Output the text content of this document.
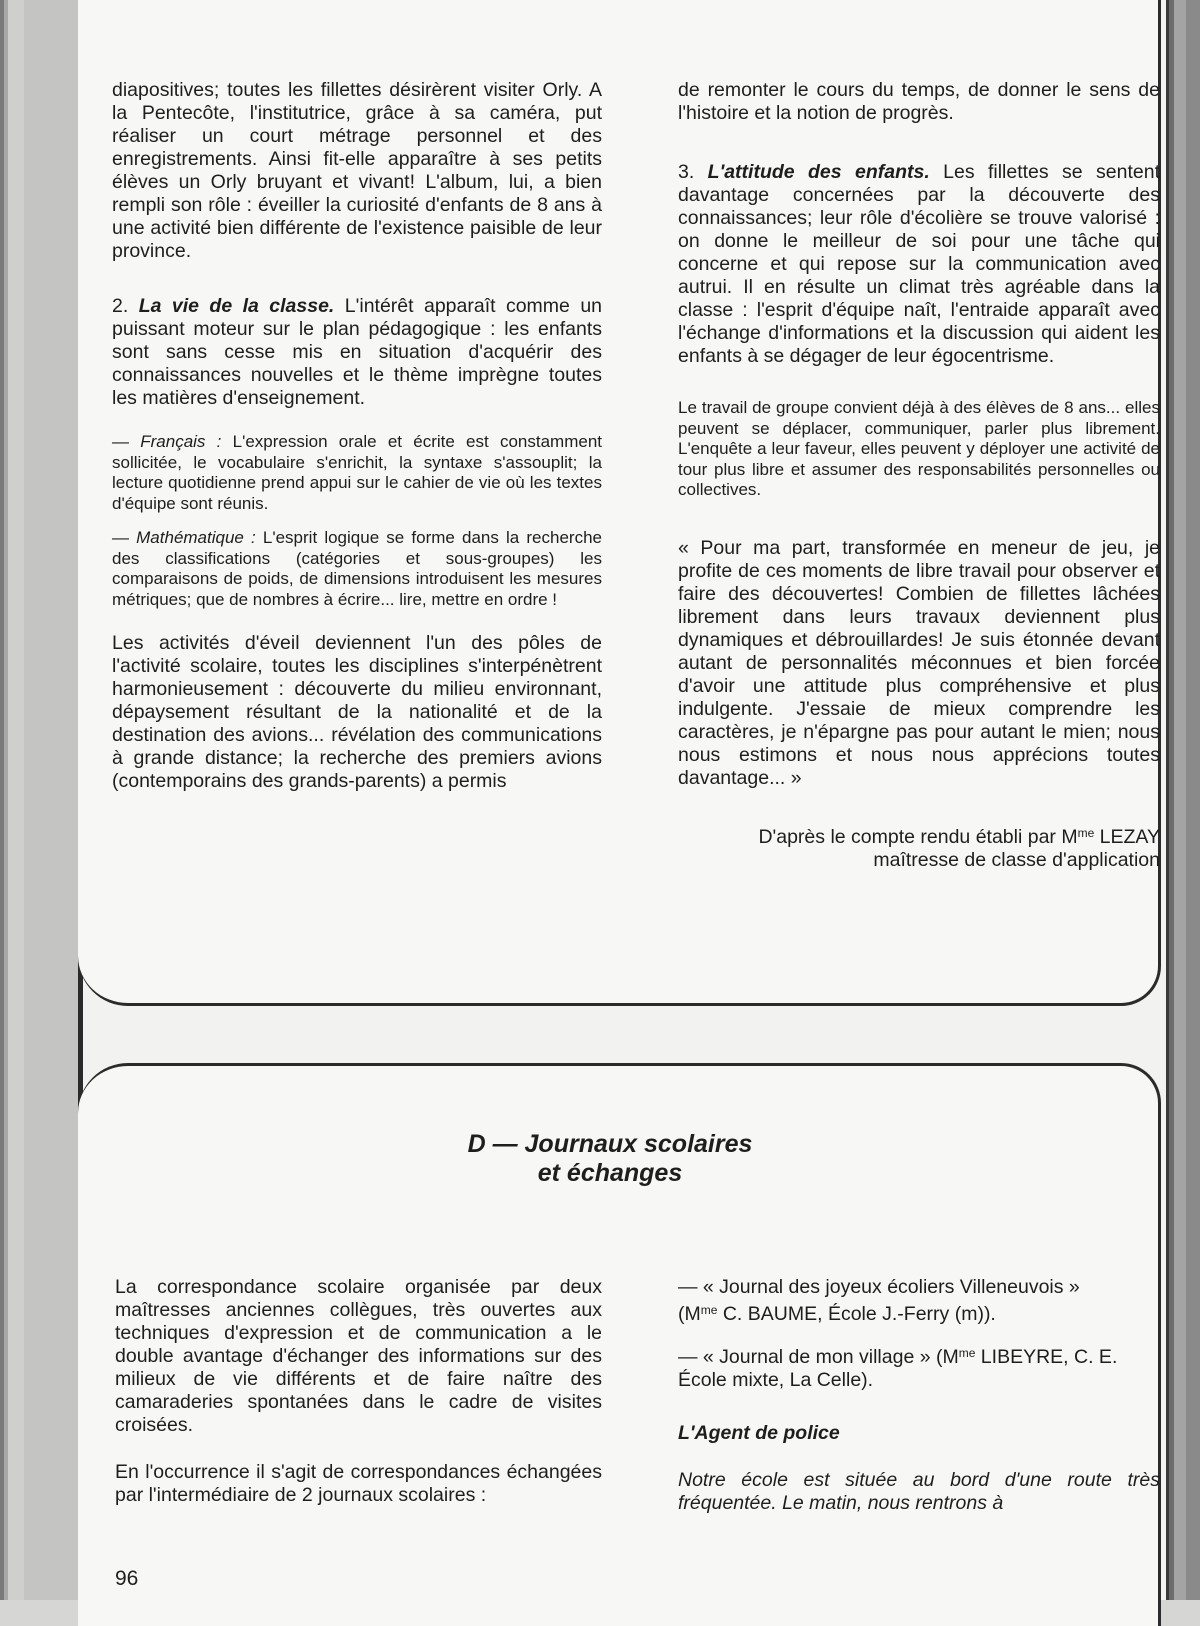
diapositives; toutes les fillettes désirèrent visiter Orly. A la Pentecôte, l'institutrice, grâce à sa caméra, put réaliser un court métrage personnel et des enregistrements. Ainsi fit-elle apparaître à ses petits élèves un Orly bruyant et vivant! L'album, lui, a bien rempli son rôle : éveiller la curiosité d'enfants de 8 ans à une activité bien différente de l'existence paisible de leur province.

2. La vie de la classe. L'intérêt apparaît comme un puissant moteur sur le plan pédagogique : les enfants sont sans cesse mis en situation d'acquérir des connaissances nouvelles et le thème imprègne toutes les matières d'enseignement.

— Français : L'expression orale et écrite est constamment sollicitée, le vocabulaire s'enrichit, la syntaxe s'assouplit; la lecture quotidienne prend appui sur le cahier de vie où les textes d'équipe sont réunis.

— Mathématique : L'esprit logique se forme dans la recherche des classifications (catégories et sous-groupes) les comparaisons de poids, de dimensions introduisent les mesures métriques; que de nombres à écrire... lire, mettre en ordre !

Les activités d'éveil deviennent l'un des pôles de l'activité scolaire, toutes les disciplines s'interpénètrent harmonieusement : découverte du milieu environnant, dépaysement résultant de la nationalité et de la destination des avions... révélation des communications à grande distance; la recherche des premiers avions (contemporains des grands-parents) a permis

de remonter le cours du temps, de donner le sens de l'histoire et la notion de progrès.

3. L'attitude des enfants. Les fillettes se sentent davantage concernées par la découverte des connaissances; leur rôle d'écolière se trouve valorisé : on donne le meilleur de soi pour une tâche qui concerne et qui repose sur la communication avec autrui. Il en résulte un climat très agréable dans la classe : l'esprit d'équipe naît, l'entraide apparaît avec l'échange d'informations et la discussion qui aident les enfants à se dégager de leur égocentrisme.

Le travail de groupe convient déjà à des élèves de 8 ans... elles peuvent se déplacer, communiquer, parler plus librement. L'enquête a leur faveur, elles peuvent y déployer une activité de tour plus libre et assumer des responsabilités personnelles ou collectives.

« Pour ma part, transformée en meneur de jeu, je profite de ces moments de libre travail pour observer et faire des découvertes! Combien de fillettes lâchées librement dans leurs travaux deviennent plus dynamiques et débrouillardes! Je suis étonnée devant autant de personnalités méconnues et bien forcée d'avoir une attitude plus compréhensive et plus indulgente. J'essaie de mieux comprendre les caractères, je n'épargne pas pour autant le mien; nous nous estimons et nous nous apprécions toutes davantage... »

D'après le compte rendu établi par $M^{me}$ LEZAY
maîtresse de classe d'application

D — Journaux scolaires
et échanges

La correspondance scolaire organisée par deux maîtresses anciennes collègues, très ouvertes aux techniques d'expression et de communication a le double avantage d'échanger des informations sur des milieux de vie différents et de faire naître des camaraderies spontanées dans le cadre de visites croisées.

En l'occurrence il s'agit de correspondances échangées par l'intermédiaire de 2 journaux scolaires :

— « Journal des joyeux écoliers Villeneuvois »
($M^{me}$ C. BAUME, École J.-Ferry (m)).

— « Journal de mon village » ($M^{me}$ LIBEYRE, C. E. École mixte, La Celle).

L'Agent de police

Notre école est située au bord d'une route très fréquentée. Le matin, nous rentrons à

96
